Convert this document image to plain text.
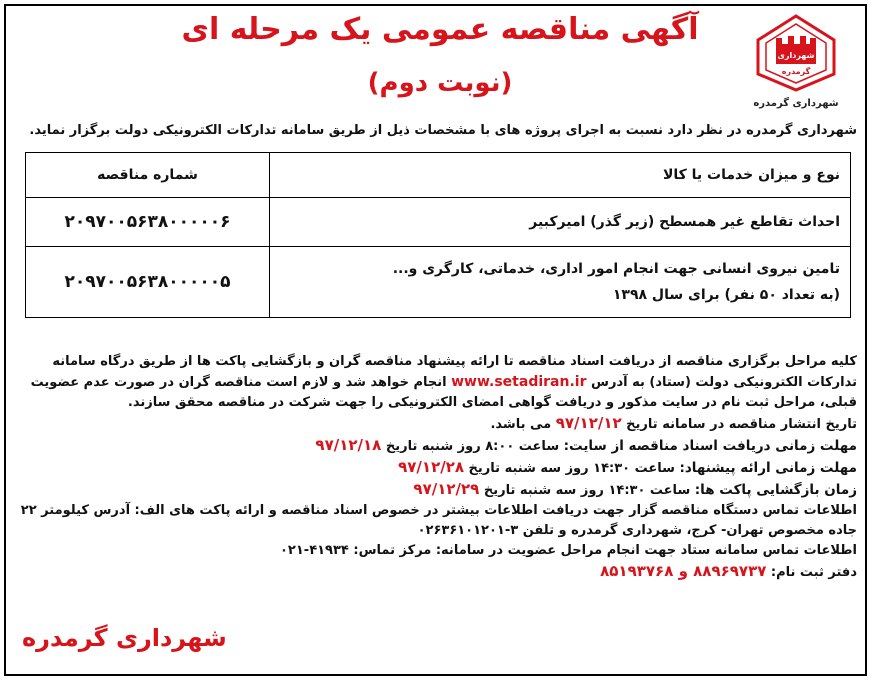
شهرداری
گرمدره
شهرداری گرمدره
آگهی مناقصه عمومی یک مرحله ای
(نوبت دوم)
شهرداری گرمدره در نظر دارد نسبت به اجرای پروژه های با مشخصات ذیل از طریق سامانه تدارکات الکترونیکی دولت برگزار نماید.
نوع و میزان خدمات یا کالا	شماره مناقصه

احداث تقاطع غیر همسطح (زیر گذر) امیرکبیر	۲۰۹۷۰۰۵۶۳۸۰۰۰۰۰۶

تامین نیروی انسانی جهت انجام امور اداری، خدماتی، کارگری و...
(به تعداد ۵۰ نفر) برای سال ۱۳۹۸	۲۰۹۷۰۰۵۶۳۸۰۰۰۰۰۵

کلیه مراحل برگزاری مناقصه از دریافت اسناد مناقصه تا ارائه پیشنهاد مناقصه گران و بازگشایی پاکت ها از طریق درگاه سامانه تدارکات الکترونیکی دولت (ستاد) به آدرس www.setadiran.ir انجام خواهد شد و لازم است مناقصه گران در صورت عدم عضویت قبلی، مراحل ثبت نام در سایت مذکور و دریافت گواهی امضای الکترونیکی را جهت شرکت در مناقصه محقق سازند.

تاریخ انتشار مناقصه در سامانه تاریخ ۹۷/۱۲/۱۲ می باشد.

مهلت زمانی دریافت اسناد مناقصه از سایت: ساعت ۸:۰۰ روز شنبه تاریخ ۹۷/۱۲/۱۸

مهلت زمانی ارائه پیشنهاد: ساعت ۱۴:۳۰ روز سه شنبه تاریخ ۹۷/۱۲/۲۸

زمان بازگشایی پاکت ها: ساعت ۱۴:۳۰ روز سه شنبه تاریخ ۹۷/۱۲/۲۹

اطلاعات تماس دستگاه مناقصه گزار جهت دریافت اطلاعات بیشتر در خصوص اسناد مناقصه و ارائه پاکت های الف: آدرس کیلومتر ۲۲ جاده مخصوص تهران- کرج، شهرداری گرمدره و تلفن ۳-۰۲۶۳۶۱۰۱۲۰۱

اطلاعات تماس سامانه ستاد جهت انجام مراحل عضویت در سامانه: مرکز تماس: ۴۱۹۳۴-۰۲۱

دفتر ثبت نام: ۸۸۹۶۹۷۳۷ و ۸۵۱۹۳۷۶۸

شهرداری گرمدره
